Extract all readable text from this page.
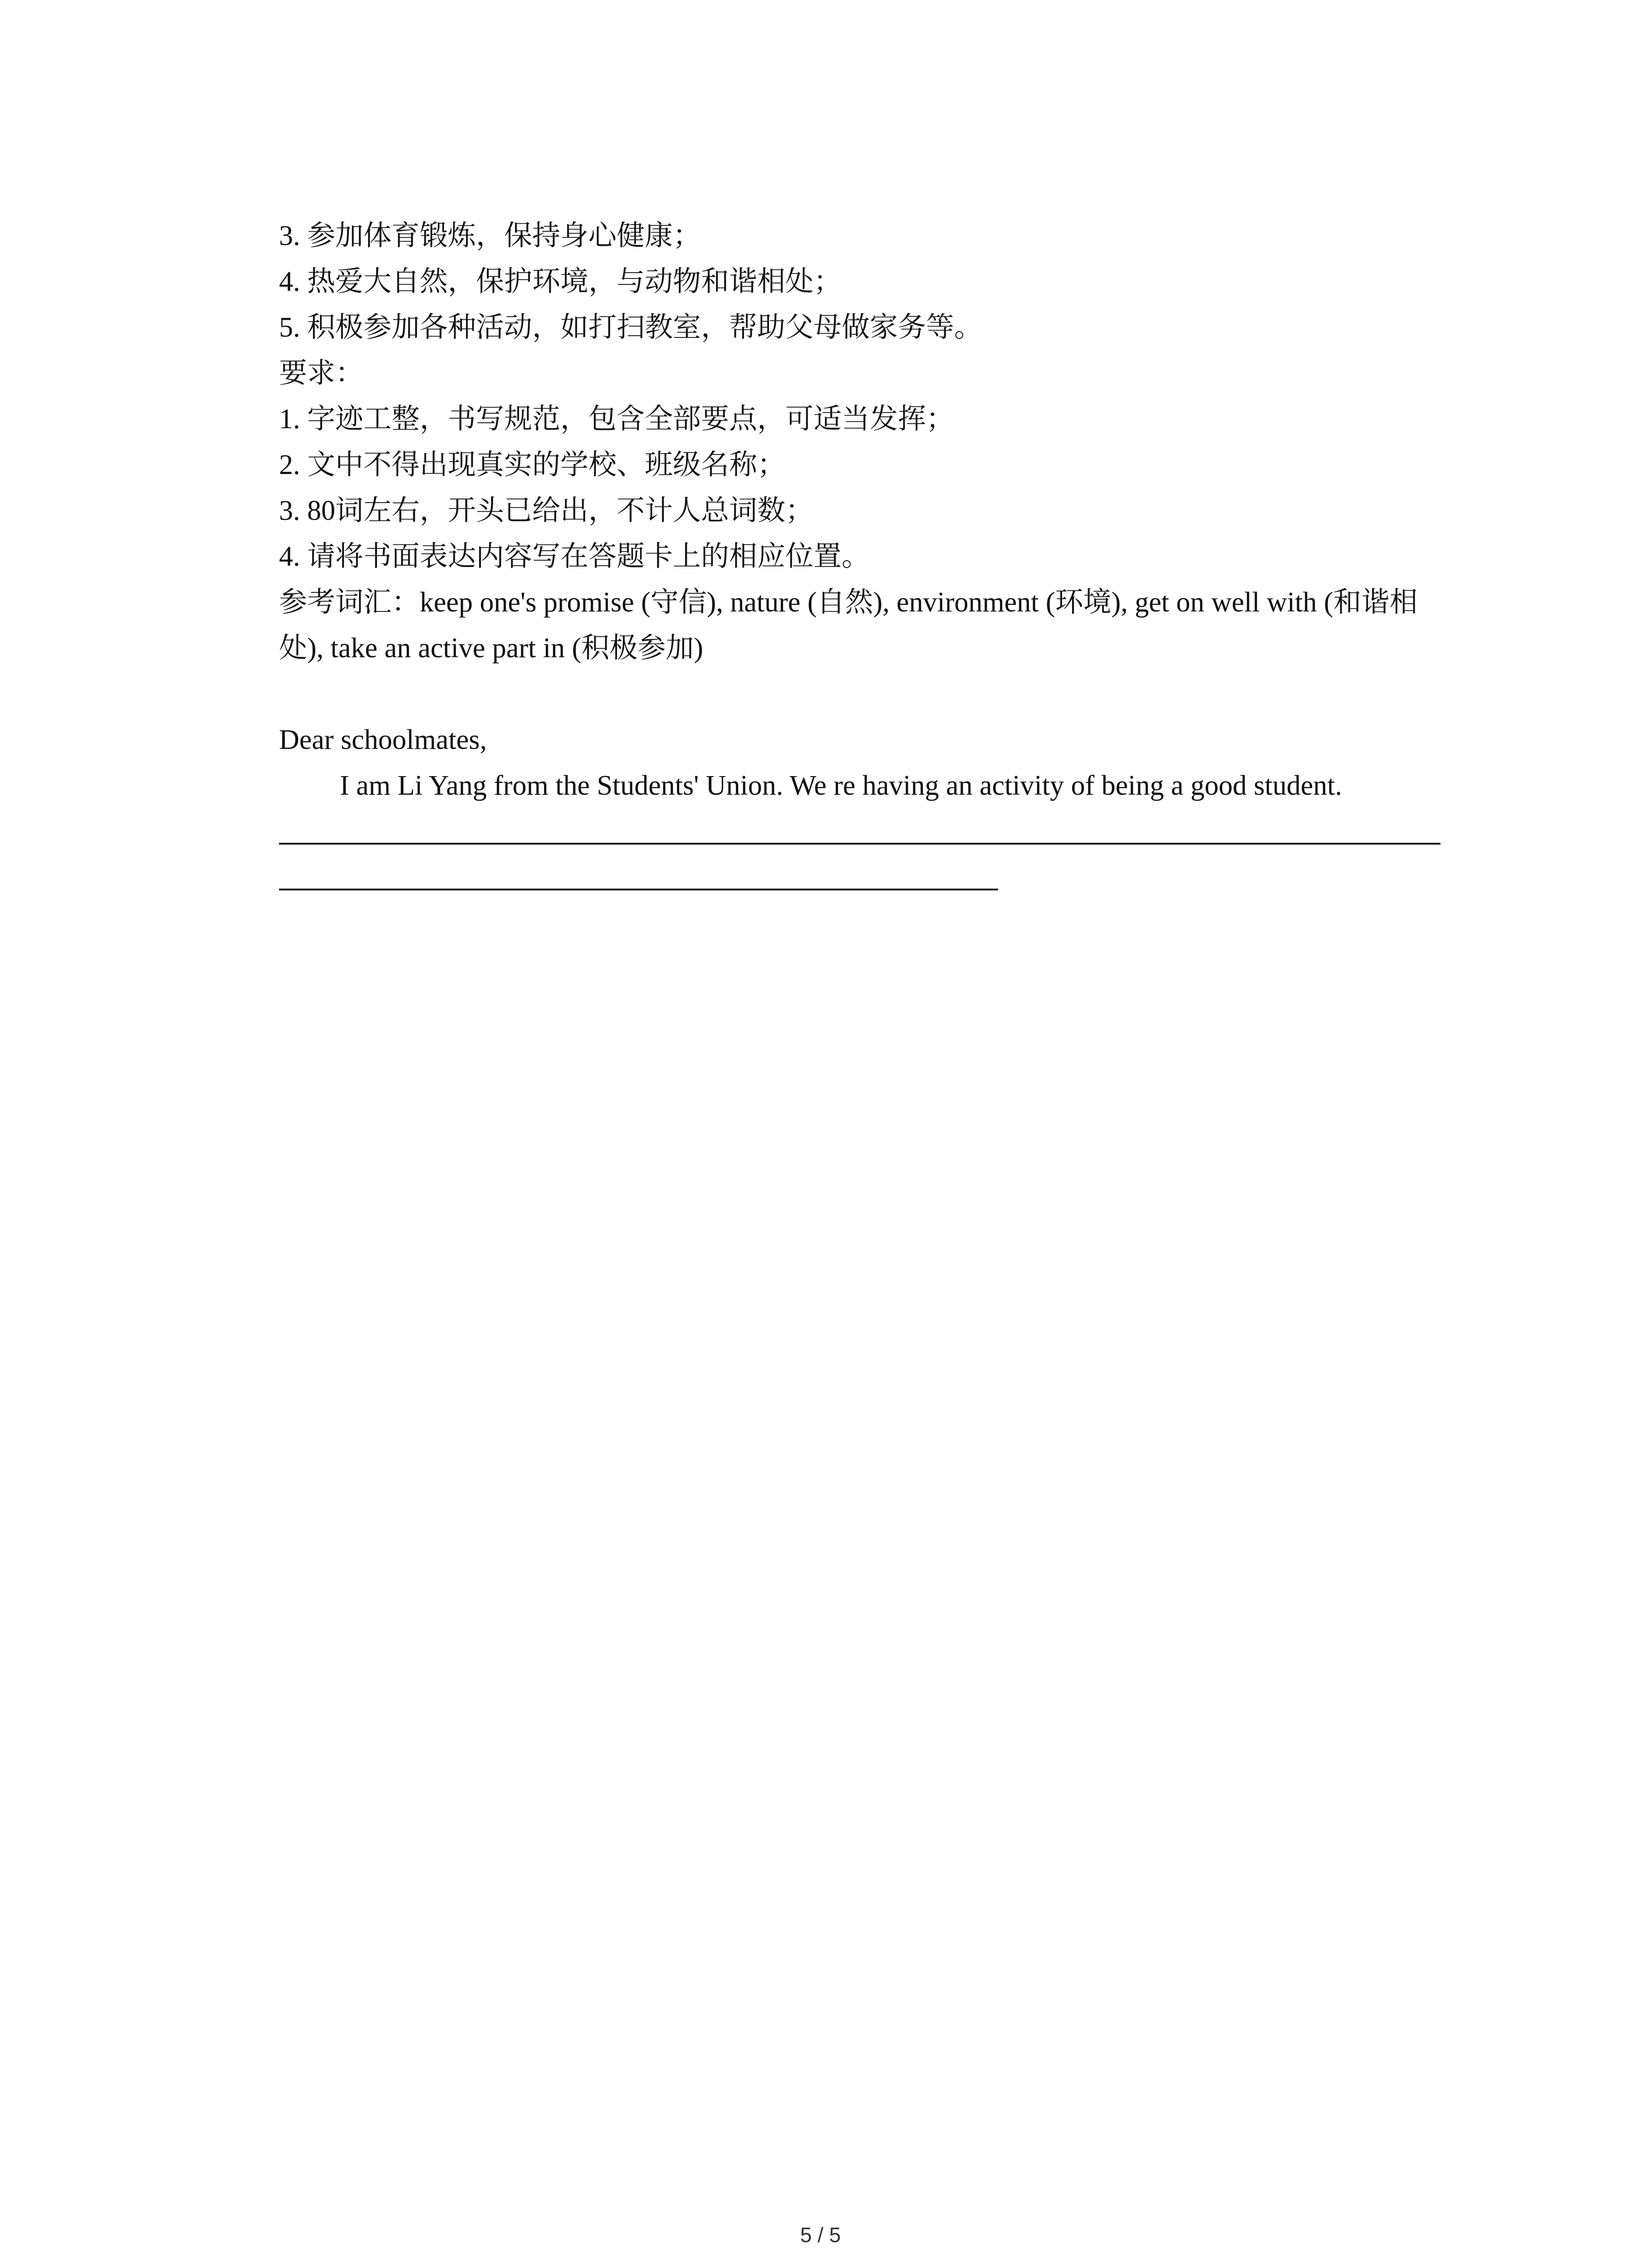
3. 参加体育锻炼，保持身心健康；
4. 热爱大自然，保护环境，与动物和谐相处；
5. 积极参加各种活动，如打扫教室，帮助父母做家务等。
要求：
1. 字迹工整，书写规范，包含全部要点，可适当发挥；
2. 文中不得出现真实的学校、班级名称；
3. 80词左右，开头已给出，不计人总词数；
4. 请将书面表达内容写在答题卡上的相应位置。
参考词汇：keep one's promise (守信), nature (自然), environment (环境), get on well with (和谐相处), take an active part in (积极参加)
Dear schoolmates,
I am Li Yang from the Students' Union. We re having an activity of being a good student.
5 / 5
